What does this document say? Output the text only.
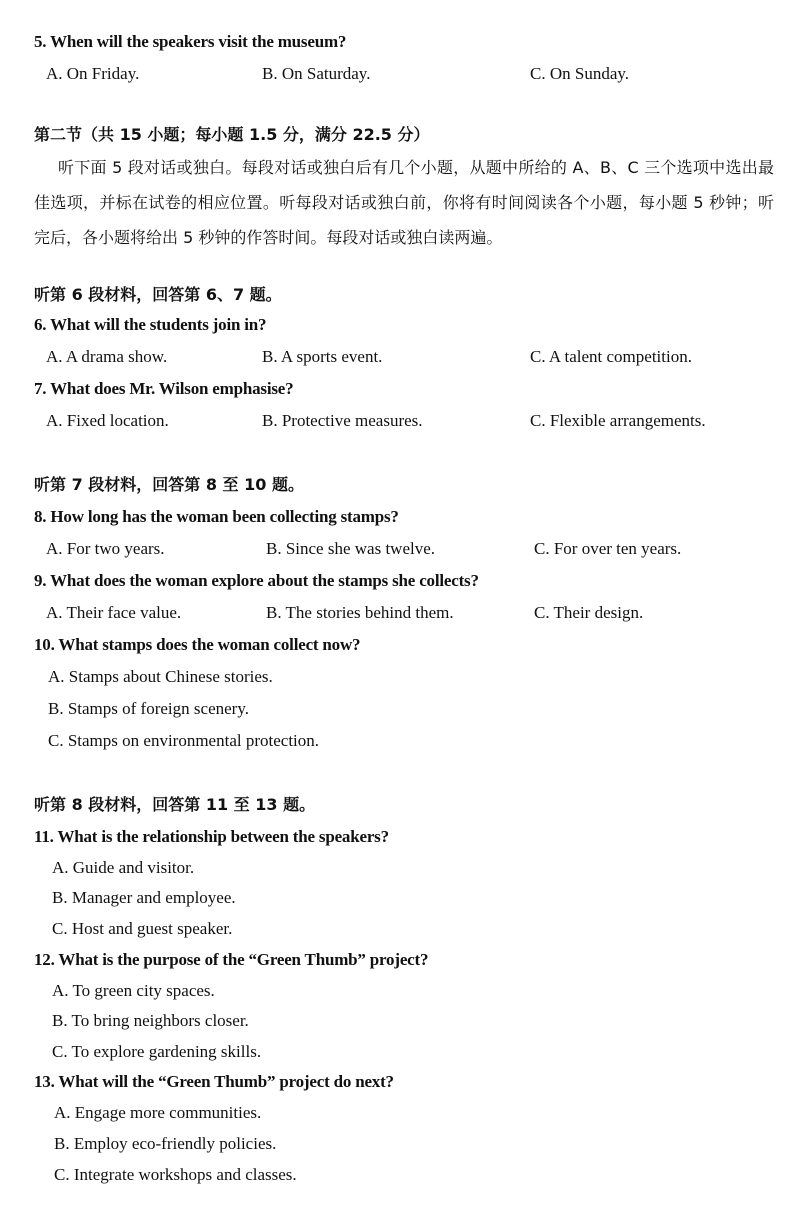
5. When will the speakers visit the museum?
A. On Friday.	B. On Saturday.	C. On Sunday.
第二节（共 15 小题；每小题 1.5 分，满分 22.5 分）
听下面 5 段对话或独白。每段对话或独白后有几个小题，从题中所给的 A、B、C 三个选项中选出最佳选项，并标在试卷的相应位置。听每段对话或独白前，你将有时间阅读各个小题，每小题 5 秒钟；听完后，各小题将给出 5 秒钟的作答时间。每段对话或独白读两遍。
听第 6 段材料，回答第 6、7 题。
6. What will the students join in?
A. A drama show.	B. A sports event.	C. A talent competition.
7. What does Mr. Wilson emphasise?
A. Fixed location.	B. Protective measures.	C. Flexible arrangements.
听第 7 段材料，回答第 8 至 10 题。
8. How long has the woman been collecting stamps?
A. For two years.	B. Since she was twelve.	C. For over ten years.
9. What does the woman explore about the stamps she collects?
A. Their face value.	B. The stories behind them.	C. Their design.
10. What stamps does the woman collect now?
A. Stamps about Chinese stories.
B. Stamps of foreign scenery.
C. Stamps on environmental protection.
听第 8 段材料，回答第 11 至 13 题。
11. What is the relationship between the speakers?
A. Guide and visitor.
B. Manager and employee.
C. Host and guest speaker.
12. What is the purpose of the “Green Thumb” project?
A. To green city spaces.
B. To bring neighbors closer.
C. To explore gardening skills.
13. What will the “Green Thumb” project do next?
A. Engage more communities.
B. Employ eco-friendly policies.
C. Integrate workshops and classes.
